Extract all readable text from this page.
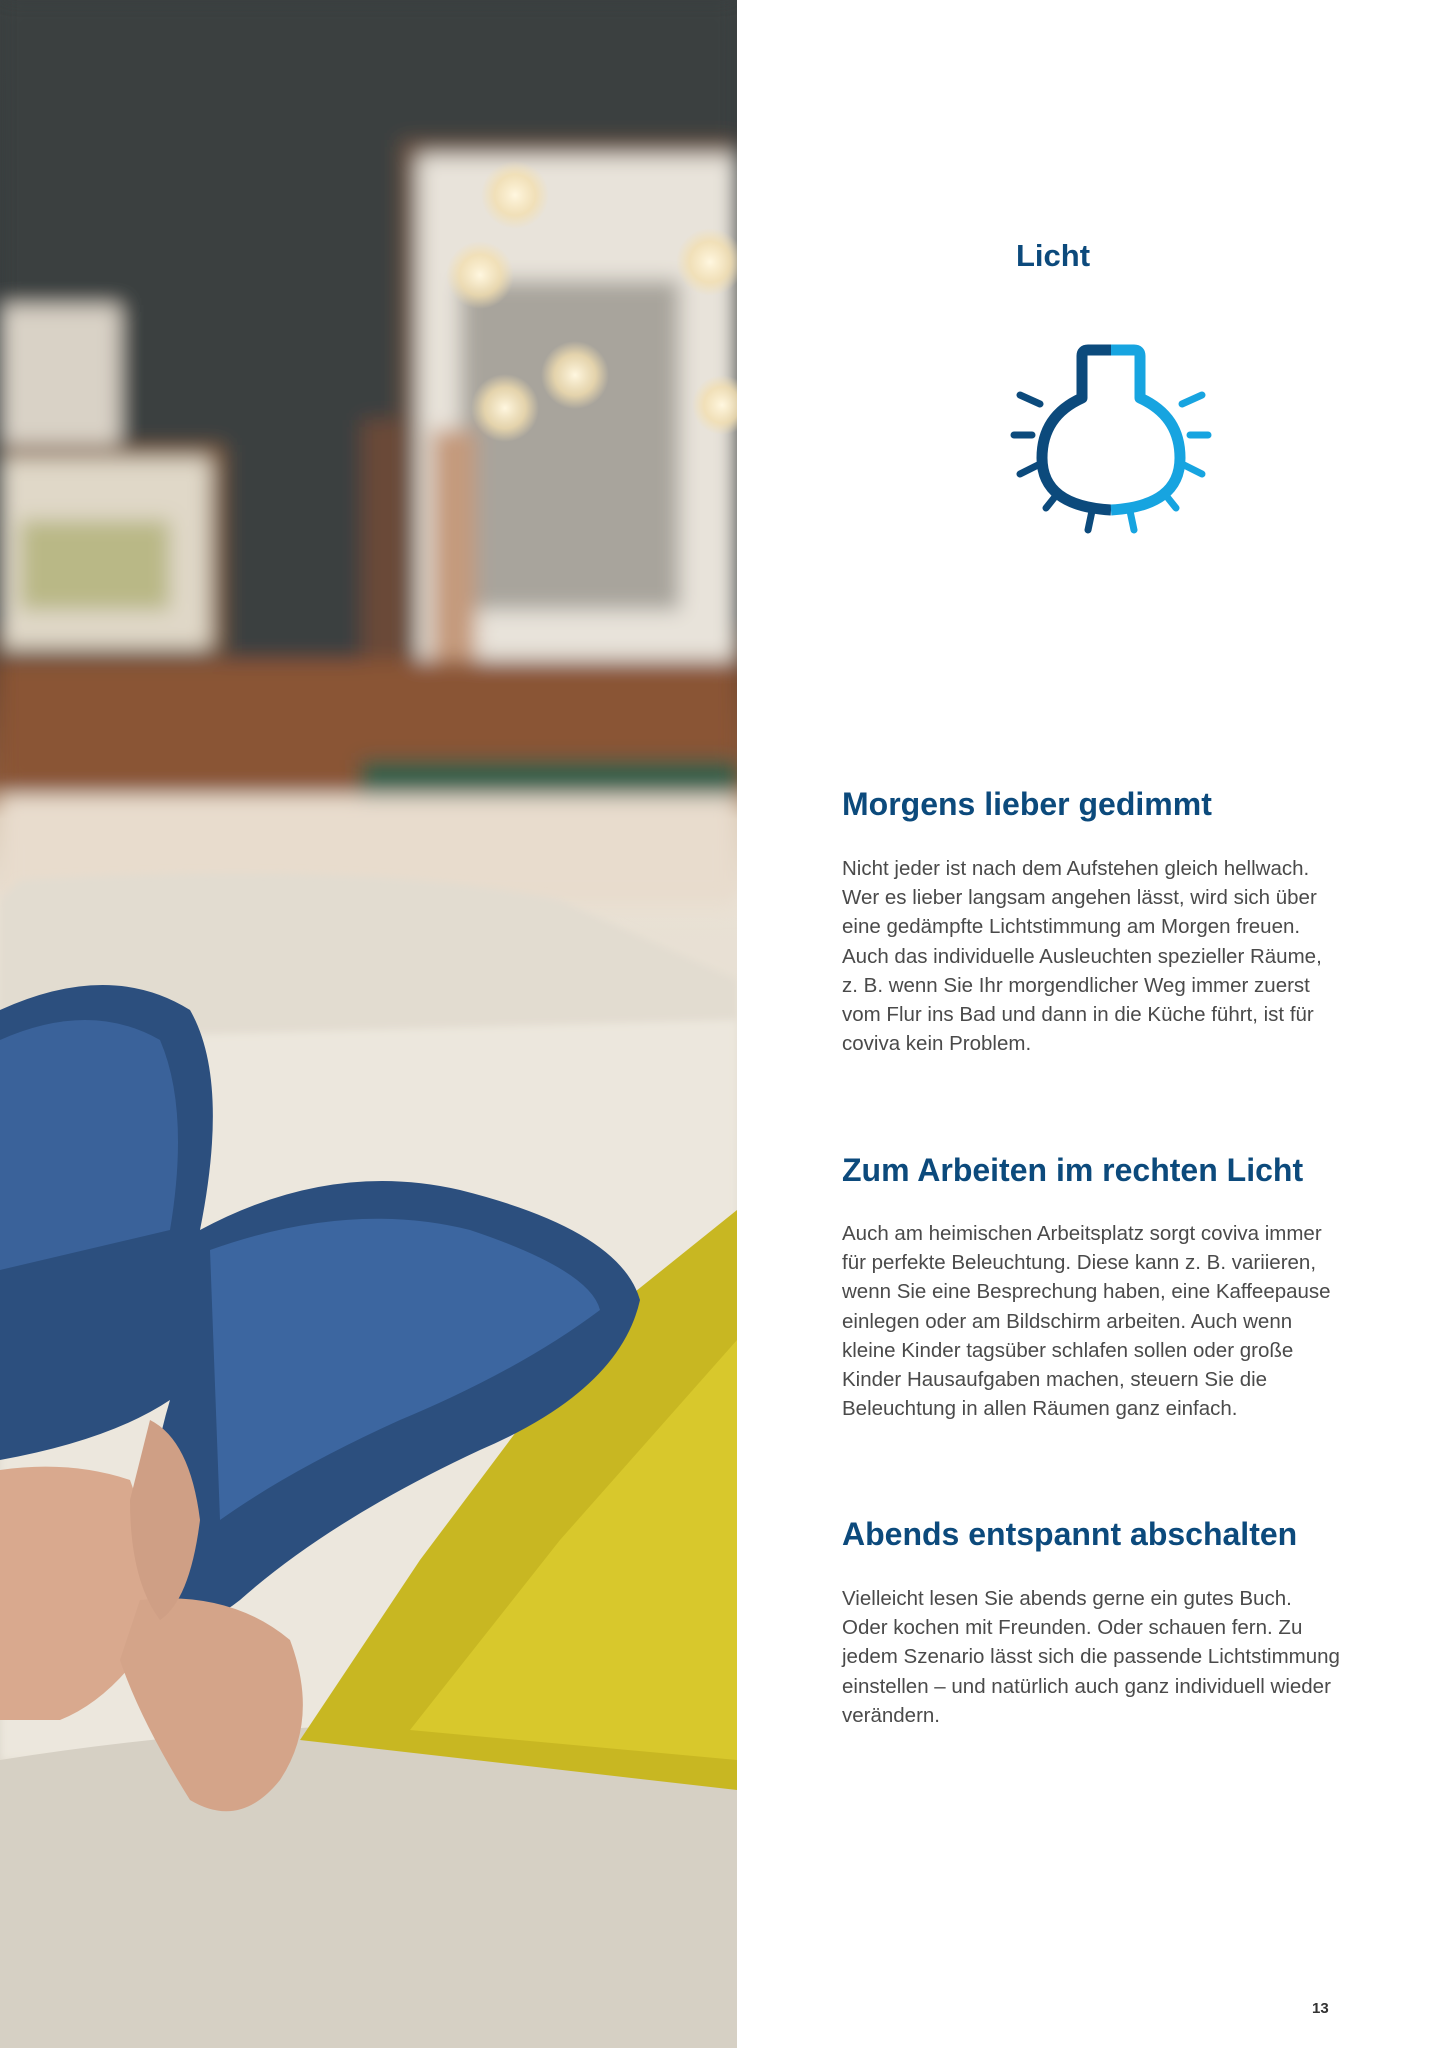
Licht
Morgens lieber gedimmt

Nicht jeder ist nach dem Aufstehen gleich hellwach. Wer es lieber langsam angehen lässt, wird sich über eine gedämpfte Lichtstimmung am Morgen freuen. Auch das individuelle Ausleuchten spezieller Räume, z. B. wenn Sie Ihr morgendlicher Weg immer zuerst vom Flur ins Bad und dann in die Küche führt, ist für coviva kein Problem.

Zum Arbeiten im rechten Licht

Auch am heimischen Arbeitsplatz sorgt coviva immer für perfekte Beleuchtung. Diese kann z. B. variieren, wenn Sie eine Besprechung haben, eine Kaffeepause einlegen oder am Bildschirm arbeiten. Auch wenn kleine Kinder tagsüber schlafen sollen oder große Kinder Hausaufgaben machen, steuern Sie die Beleuchtung in allen Räumen ganz einfach.

Abends entspannt abschalten

Vielleicht lesen Sie abends gerne ein gutes Buch. Oder kochen mit Freunden. Oder schauen fern. Zu jedem Szenario lässt sich die passende Lichtstimmung einstellen – und natürlich auch ganz individuell wieder verändern.

13
